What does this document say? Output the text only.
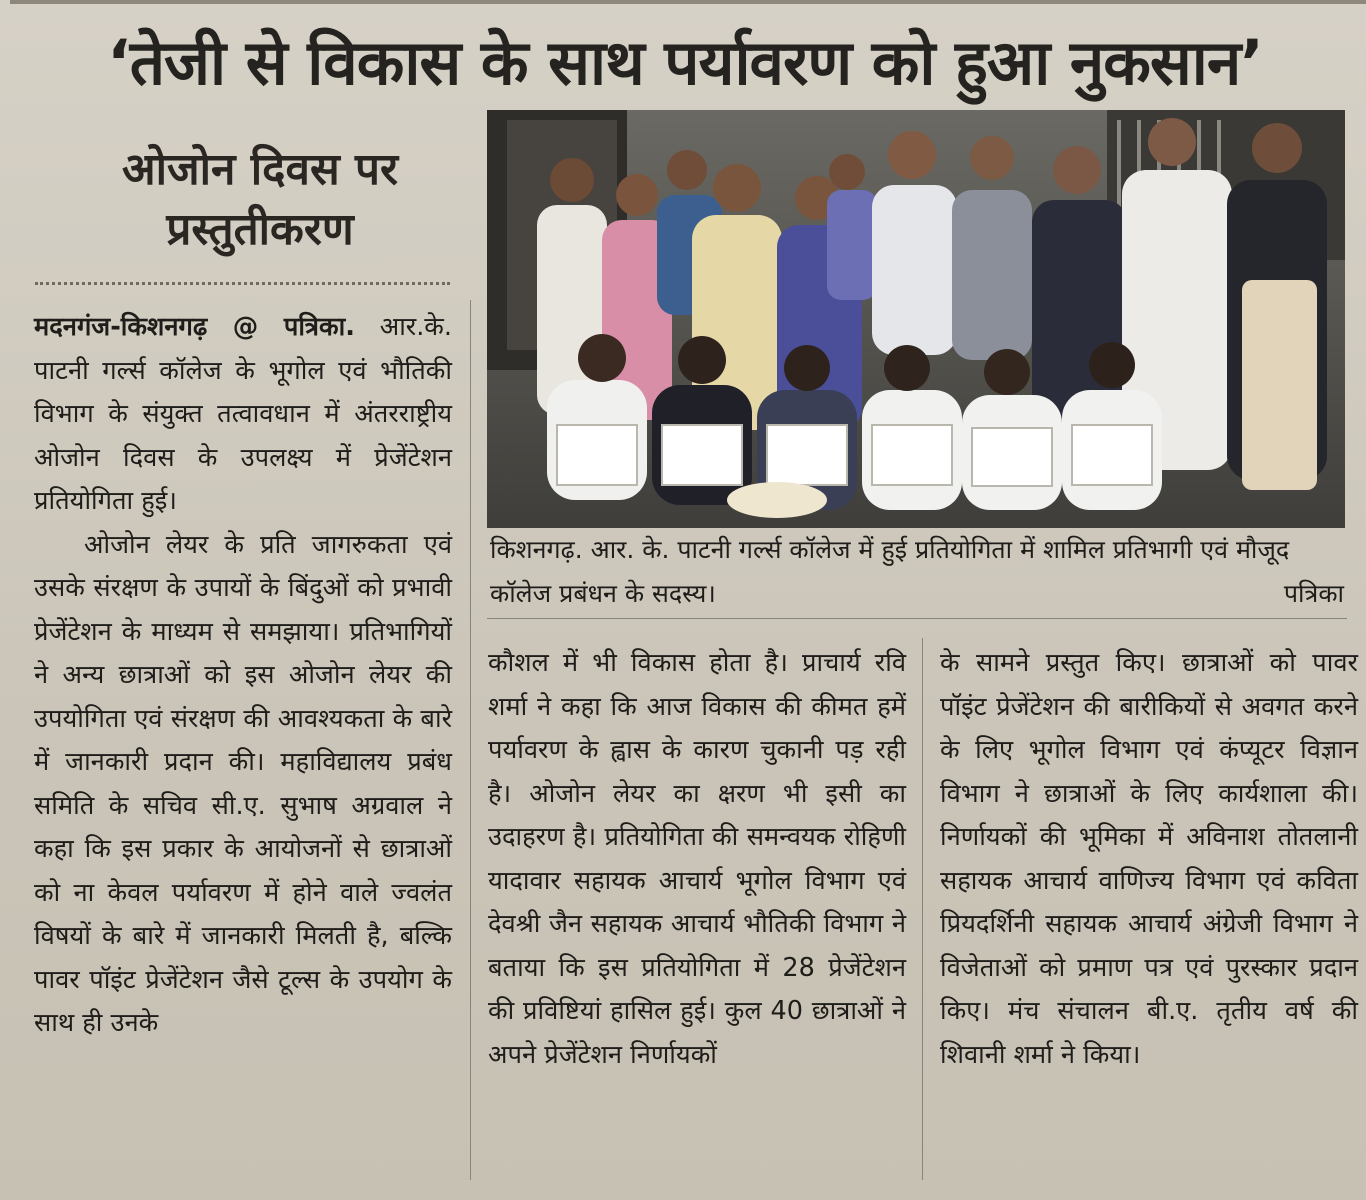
‘तेजी से विकास के साथ पर्यावरण को हुआ नुकसान’
ओजोन दिवस पर
प्रस्तुतीकरण
किशनगढ़. आर. के. पाटनी गर्ल्स कॉलेज में हुई प्रतियोगिता में शामिल प्रतिभागी एवं मौजूद कॉलेज प्रबंधन के सदस्य।	पत्रिका

मदनगंज-किशनगढ़ @ पत्रिका. आर.के. पाटनी गर्ल्स कॉलेज के भूगोल एवं भौतिकी विभाग के संयुक्त तत्वावधान में अंतरराष्ट्रीय ओजोन दिवस के उपलक्ष्य में प्रेजेंटेशन प्रतियोगिता हुई।

ओजोन लेयर के प्रति जागरुकता एवं उसके संरक्षण के उपायों के बिंदुओं को प्रभावी प्रेजेंटेशन के माध्यम से समझाया। प्रतिभागियों ने अन्य छात्राओं को इस ओजोन लेयर की उपयोगिता एवं संरक्षण की आवश्यकता के बारे में जानकारी प्रदान की। महाविद्यालय प्रबंध समिति के सचिव सी.ए. सुभाष अग्रवाल ने कहा कि इस प्रकार के आयोजनों से छात्राओं को ना केवल पर्यावरण में होने वाले ज्वलंत विषयों के बारे में जानकारी मिलती है, बल्कि पावर पॉइंट प्रेजेंटेशन जैसे टूल्स के उपयोग के साथ ही उनके

कौशल में भी विकास होता है। प्राचार्य रवि शर्मा ने कहा कि आज विकास की कीमत हमें पर्यावरण के ह्वास के कारण चुकानी पड़ रही है। ओजोन लेयर का क्षरण भी इसी का उदाहरण है। प्रतियोगिता की समन्वयक रोहिणी यादावार सहायक आचार्य भूगोल विभाग एवं देवश्री जैन सहायक आचार्य भौतिकी विभाग ने बताया कि इस प्रतियोगिता में 28 प्रेजेंटेशन की प्रविष्टियां हासिल हुई। कुल 40 छात्राओं ने अपने प्रेजेंटेशन निर्णायकों

के सामने प्रस्तुत किए। छात्राओं को पावर पॉइंट प्रेजेंटेशन की बारीकियों से अवगत करने के लिए भूगोल विभाग एवं कंप्यूटर विज्ञान विभाग ने छात्राओं के लिए कार्यशाला की। निर्णायकों की भूमिका में अविनाश तोतलानी सहायक आचार्य वाणिज्य विभाग एवं कविता प्रियदर्शिनी सहायक आचार्य अंग्रेजी विभाग ने विजेताओं को प्रमाण पत्र एवं पुरस्कार प्रदान किए। मंच संचालन बी.ए. तृतीय वर्ष की शिवानी शर्मा ने किया।
